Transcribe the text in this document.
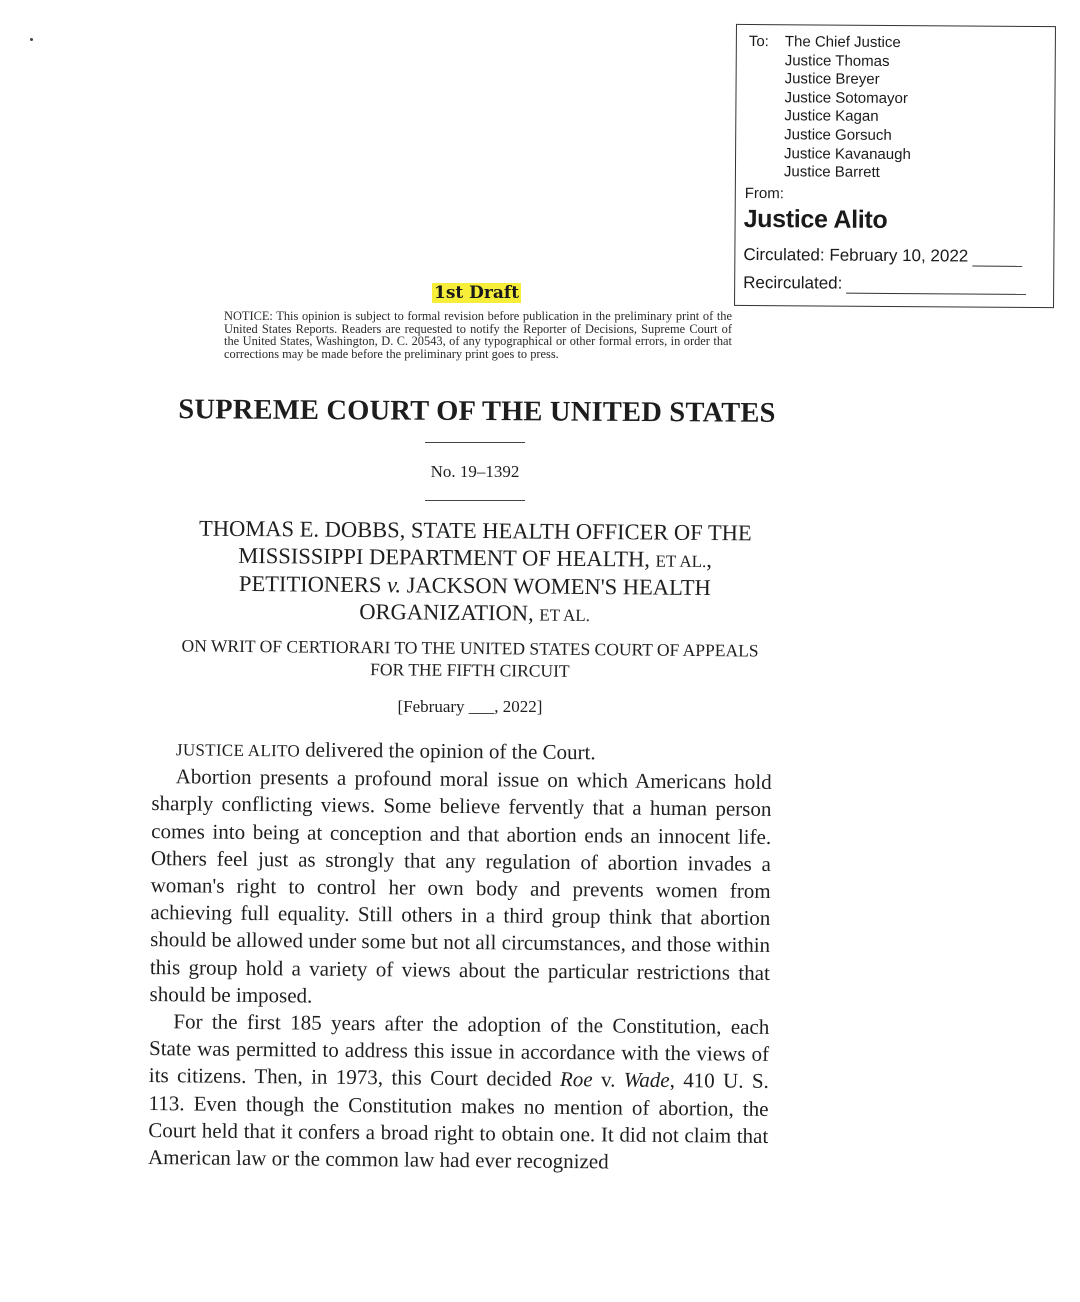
To: The Chief Justice
Justice Thomas
Justice Breyer
Justice Sotomayor
Justice Kagan
Justice Gorsuch
Justice Kavanaugh
Justice Barrett
From:
Justice Alito
Circulated: February 10, 2022
Recirculated:
1st Draft

NOTICE: This opinion is subject to formal revision before publication in the preliminary print of the United States Reports. Readers are requested to notify the Reporter of Decisions, Supreme Court of the United States, Washington, D. C. 20543, of any typographical or other formal errors, in order that corrections may be made before the preliminary print goes to press.

SUPREME COURT OF THE UNITED STATES
No. 19–1392

THOMAS E. DOBBS, STATE HEALTH OFFICER OF THE MISSISSIPPI DEPARTMENT OF HEALTH, ET AL., PETITIONERS v. JACKSON WOMEN'S HEALTH ORGANIZATION, ET AL.

ON WRIT OF CERTIORARI TO THE UNITED STATES COURT OF APPEALS FOR THE FIFTH CIRCUIT

[February ___, 2022]

JUSTICE ALITO delivered the opinion of the Court.

Abortion presents a profound moral issue on which Americans hold sharply conflicting views. Some believe fervently that a human person comes into being at conception and that abortion ends an innocent life. Others feel just as strongly that any regulation of abortion invades a woman's right to control her own body and prevents women from achieving full equality. Still others in a third group think that abortion should be allowed under some but not all circumstances, and those within this group hold a variety of views about the particular restrictions that should be imposed.

For the first 185 years after the adoption of the Constitution, each State was permitted to address this issue in accordance with the views of its citizens. Then, in 1973, this Court decided Roe v. Wade, 410 U. S. 113. Even though the Constitution makes no mention of abortion, the Court held that it confers a broad right to obtain one. It did not claim that American law or the common law had ever recognized
